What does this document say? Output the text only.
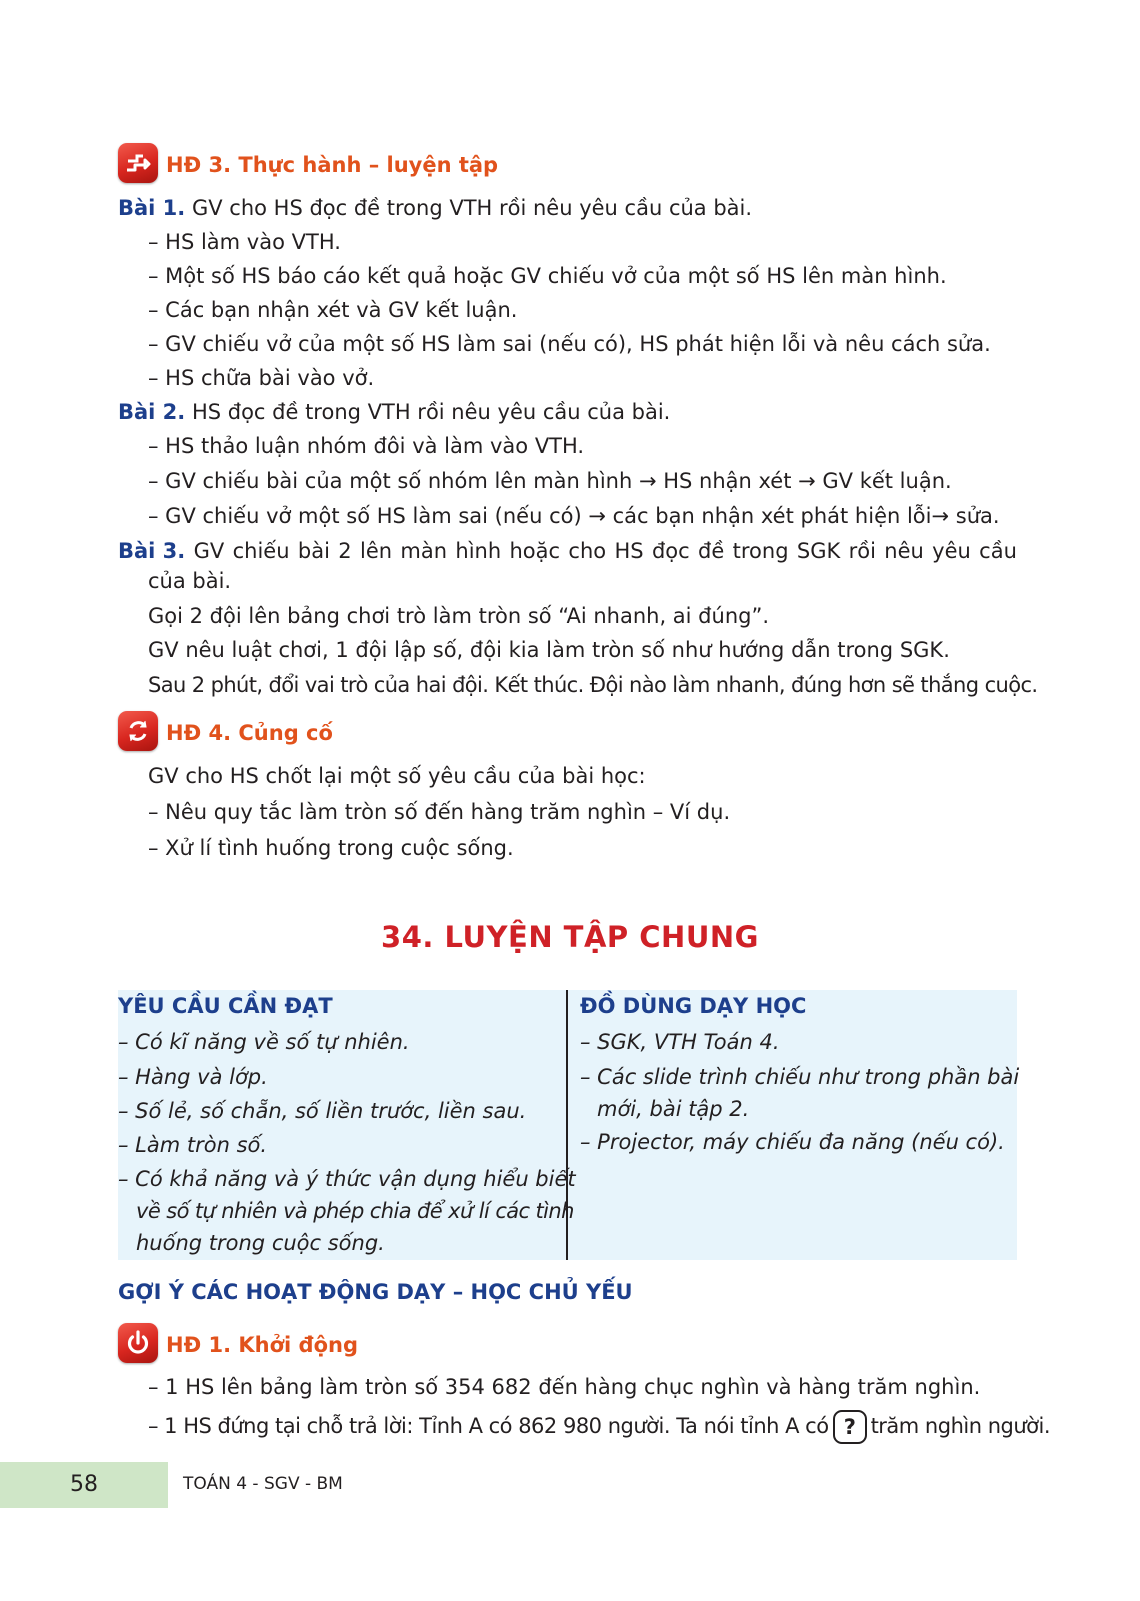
HĐ 3. Thực hành – luyện tập
Bài 1. GV cho HS đọc đề trong VTH rồi nêu yêu cầu của bài.
– HS làm vào VTH.
– Một số HS báo cáo kết quả hoặc GV chiếu vở của một số HS lên màn hình.
– Các bạn nhận xét và GV kết luận.
– GV chiếu vở của một số HS làm sai (nếu có), HS phát hiện lỗi và nêu cách sửa.
– HS chữa bài vào vở.
Bài 2. HS đọc đề trong VTH rồi nêu yêu cầu của bài.
– HS thảo luận nhóm đôi và làm vào VTH.
– GV chiếu bài của một số nhóm lên màn hình → HS nhận xét → GV kết luận.
– GV chiếu vở một số HS làm sai (nếu có) → các bạn nhận xét phát hiện lỗi→ sửa.
Bài 3. GV chiếu bài 2 lên màn hình hoặc cho HS đọc đề trong SGK rồi nêu yêu cầu
của bài.
Gọi 2 đội lên bảng chơi trò làm tròn số “Ai nhanh, ai đúng”.
GV nêu luật chơi, 1 đội lập số, đội kia làm tròn số như hướng dẫn trong SGK.
Sau 2 phút, đổi vai trò của hai đội. Kết thúc. Đội nào làm nhanh, đúng hơn sẽ thắng cuộc.
HĐ 4. Củng cố
GV cho HS chốt lại một số yêu cầu của bài học:
– Nêu quy tắc làm tròn số đến hàng trăm nghìn – Ví dụ.
– Xử lí tình huống trong cuộc sống.
34. LUYỆN TẬP CHUNG
YÊU CẦU CẦN ĐẠT
– Có kĩ năng về số tự nhiên.
– Hàng và lớp.
– Số lẻ, số chẵn, số liền trước, liền sau.
– Làm tròn số.
– Có khả năng và ý thức vận dụng hiểu biết
về số tự nhiên và phép chia để xử lí các tình
huống trong cuộc sống.
ĐỒ DÙNG DẠY HỌC
– SGK, VTH Toán 4.
– Các slide trình chiếu như trong phần bài
mới, bài tập 2.
– Projector, máy chiếu đa năng (nếu có).
GỢI Ý CÁC HOẠT ĐỘNG DẠY – HỌC CHỦ YẾU
HĐ 1. Khởi động
– 1 HS lên bảng làm tròn số 354 682 đến hàng chục nghìn và hàng trăm nghìn.
– 1 HS đứng tại chỗ trả lời: Tỉnh A có 862 980 người. Ta nói tỉnh A có ? trăm nghìn người.
58	TOÁN 4 - SGV - BM
